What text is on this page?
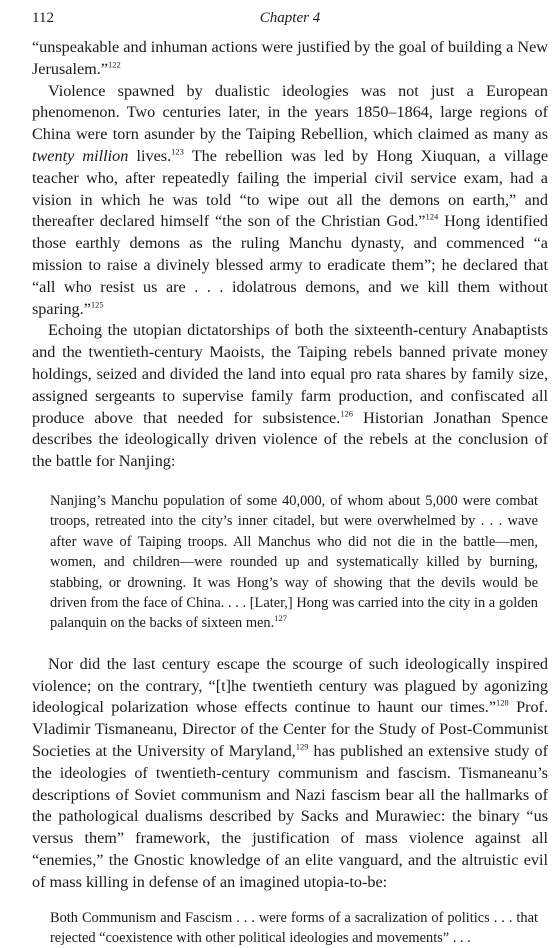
112	Chapter 4

“unspeakable and inhuman actions were justified by the goal of building a New Jerusalem.”$^{122}$

Violence spawned by dualistic ideologies was not just a European phenomenon. Two centuries later, in the years 1850–1864, large regions of China were torn asunder by the Taiping Rebellion, which claimed as many as twenty million lives.$^{123}$ The rebellion was led by Hong Xiuquan, a village teacher who, after repeatedly failing the imperial civil service exam, had a vision in which he was told “to wipe out all the demons on earth,” and thereafter declared himself “the son of the Christian God.”$^{124}$ Hong identified those earthly demons as the ruling Manchu dynasty, and commenced “a mission to raise a divinely blessed army to eradicate them”; he declared that “all who resist us are . . . idolatrous demons, and we kill them without sparing.”$^{125}$

Echoing the utopian dictatorships of both the sixteenth-century Anabaptists and the twentieth-century Maoists, the Taiping rebels banned private money holdings, seized and divided the land into equal pro rata shares by family size, assigned sergeants to supervise family farm production, and confiscated all produce above that needed for subsistence.$^{126}$ Historian Jonathan Spence describes the ideologically driven violence of the rebels at the conclusion of the battle for Nanjing:

Nanjing’s Manchu population of some 40,000, of whom about 5,000 were combat troops, retreated into the city’s inner citadel, but were overwhelmed by . . . wave after wave of Taiping troops. All Manchus who did not die in the battle—men, women, and children—were rounded up and systematically killed by burning, stabbing, or drowning. It was Hong’s way of showing that the devils would be driven from the face of China. . . . [Later,] Hong was carried into the city in a golden palanquin on the backs of sixteen men.$^{127}$

Nor did the last century escape the scourge of such ideologically inspired violence; on the contrary, “[t]he twentieth century was plagued by agonizing ideological polarization whose effects continue to haunt our times.”$^{128}$ Prof. Vladimir Tismaneanu, Director of the Center for the Study of Post-Communist Societies at the University of Maryland,$^{129}$ has published an extensive study of the ideologies of twentieth-century communism and fascism. Tismaneanu’s descriptions of Soviet communism and Nazi fascism bear all the hallmarks of the pathological dualisms described by Sacks and Murawiec: the binary “us versus them” framework, the justification of mass violence against all “enemies,” the Gnostic knowledge of an elite vanguard, and the altruistic evil of mass killing in defense of an imagined utopia-to-be:

Both Communism and Fascism . . . were forms of a sacralization of politics . . . that rejected “coexistence with other political ideologies and movements” . . .
